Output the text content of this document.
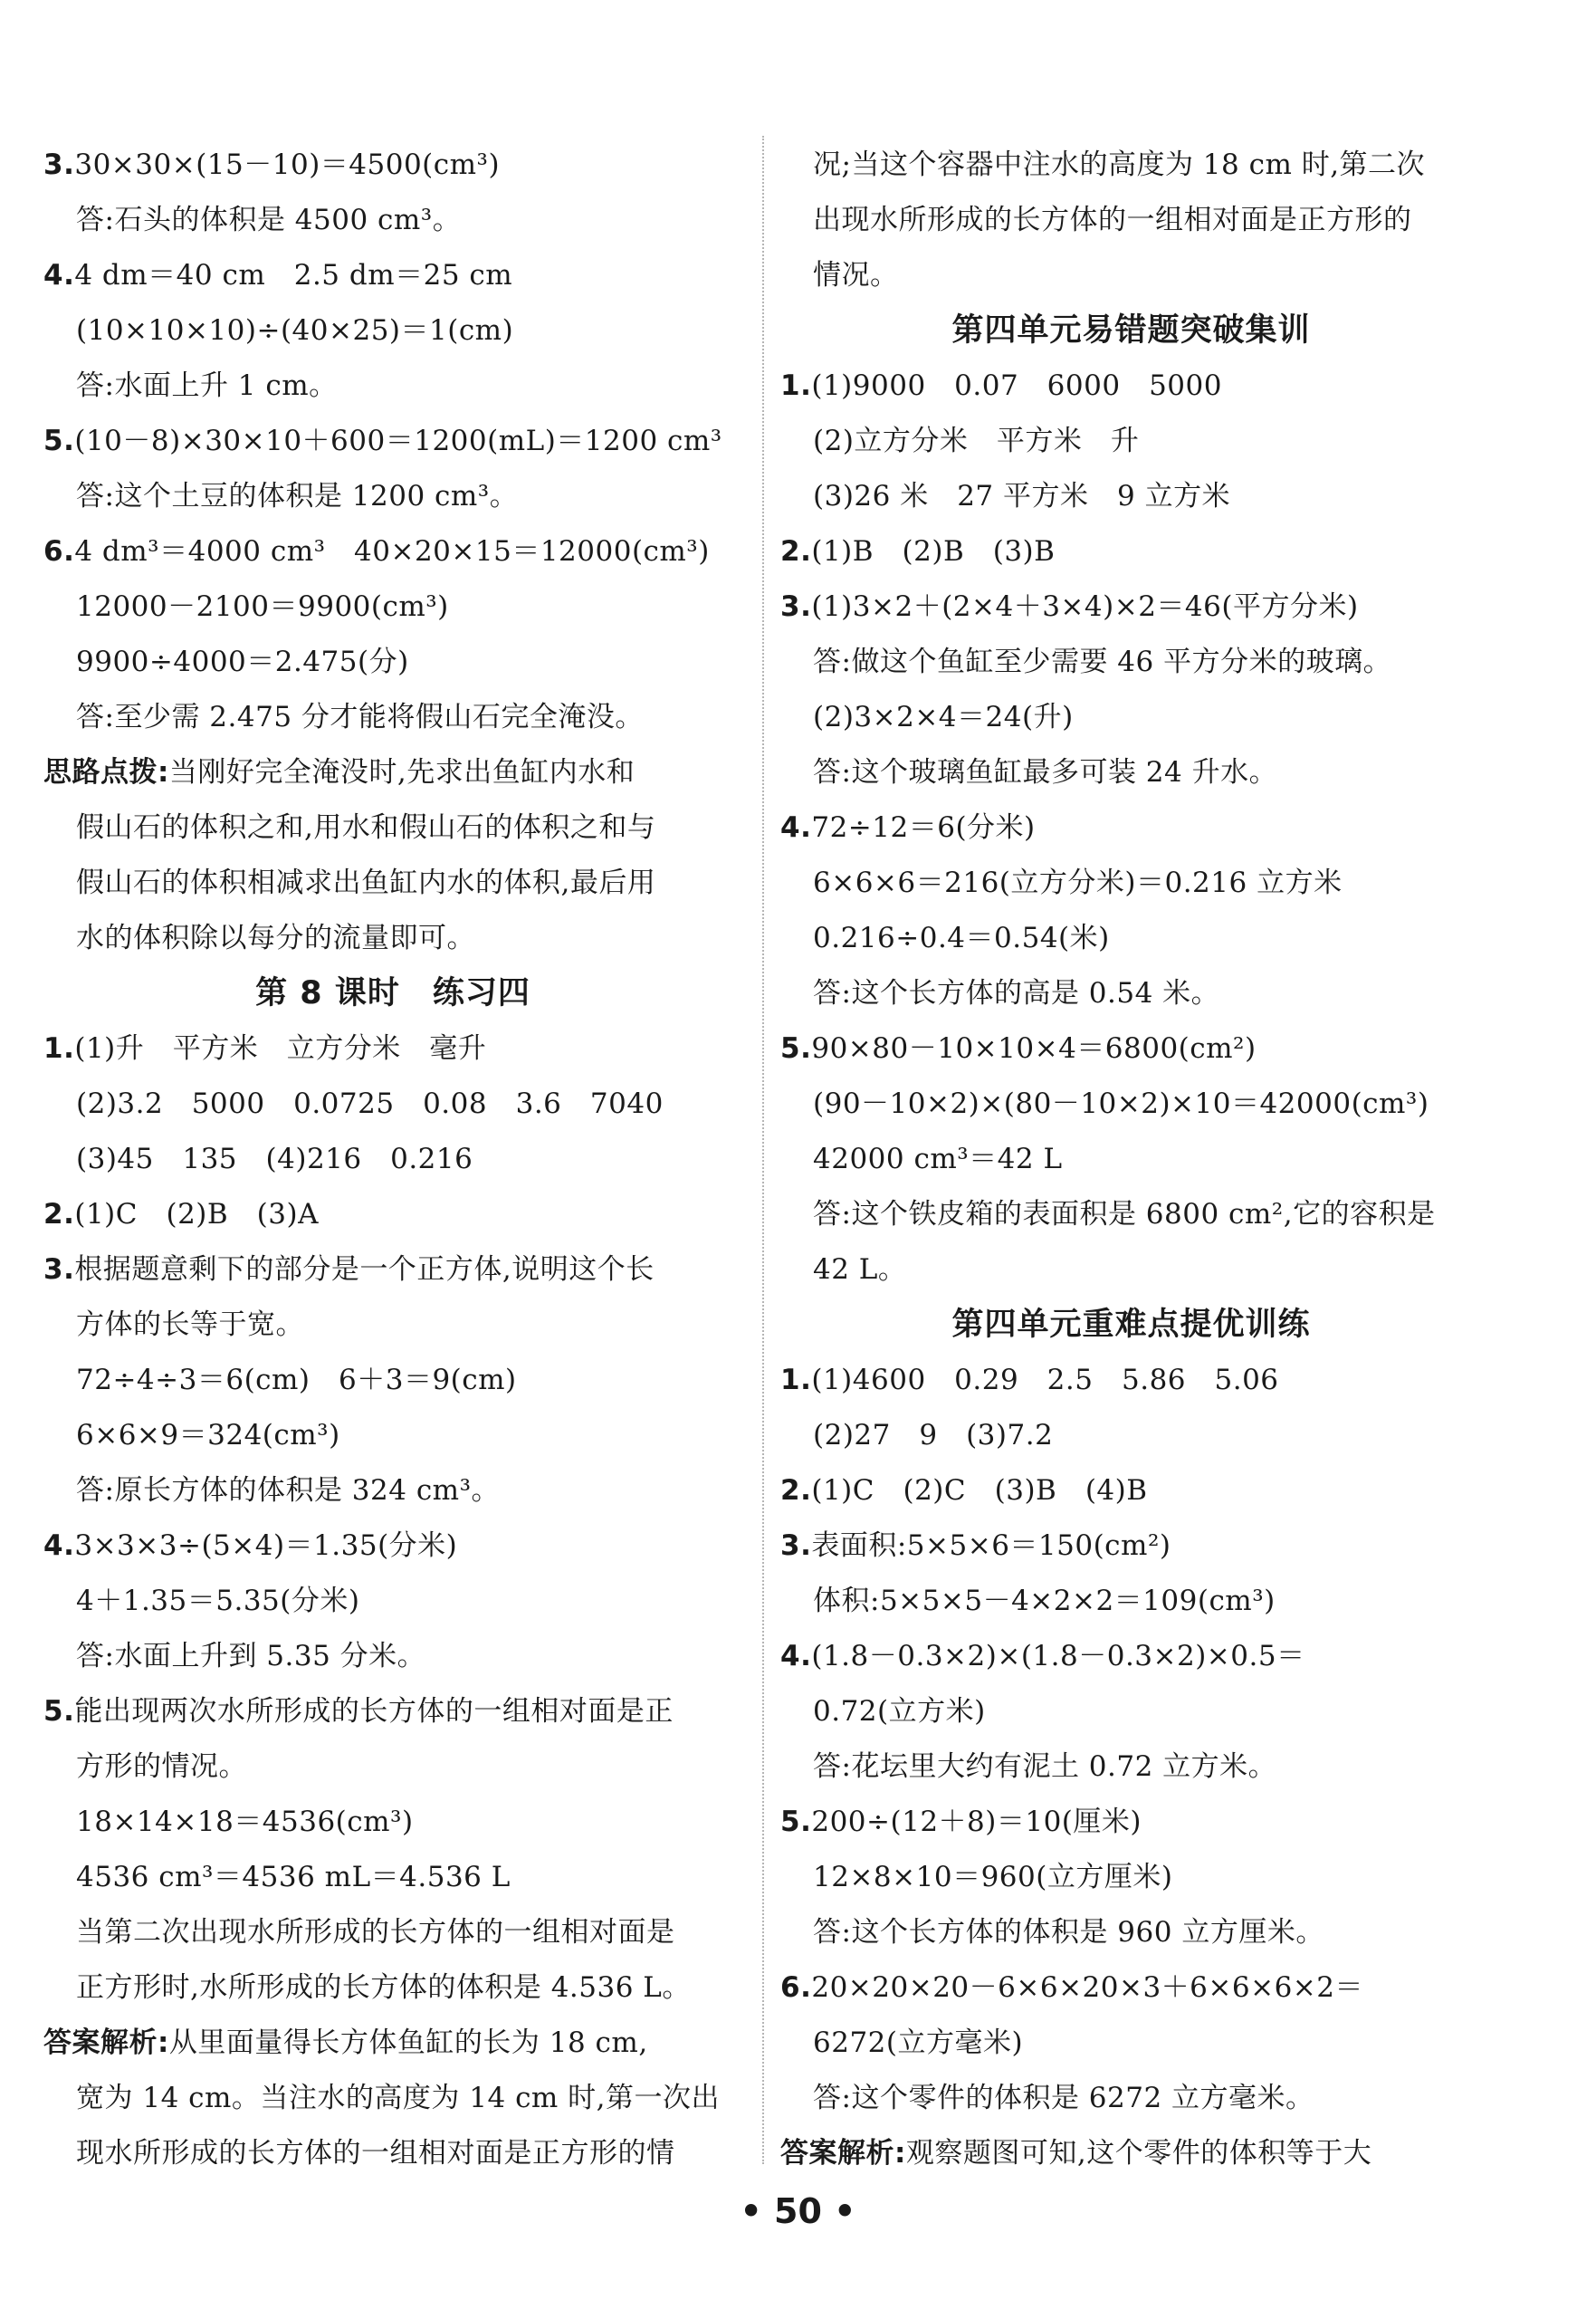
3.30×30×(15－10)＝4500(cm³)
答:石头的体积是 4500 cm³。
4.4 dm＝40 cm　2.5 dm＝25 cm
(10×10×10)÷(40×25)＝1(cm)
答:水面上升 1 cm。
5.(10－8)×30×10＋600＝1200(mL)＝1200 cm³
答:这个土豆的体积是 1200 cm³。
6.4 dm³＝4000 cm³　40×20×15＝12000(cm³)
12000－2100＝9900(cm³)
9900÷4000＝2.475(分)
答:至少需 2.475 分才能将假山石完全淹没。
思路点拨:当刚好完全淹没时,先求出鱼缸内水和
假山石的体积之和,用水和假山石的体积之和与
假山石的体积相减求出鱼缸内水的体积,最后用
水的体积除以每分的流量即可。
第 8 课时　练习四
1.(1)升　平方米　立方分米　毫升
(2)3.2　5000　0.0725　0.08　3.6　7040
(3)45　135　(4)216　0.216
2.(1)C　(2)B　(3)A
3.根据题意剩下的部分是一个正方体,说明这个长
方体的长等于宽。
72÷4÷3＝6(cm)　6＋3＝9(cm)
6×6×9＝324(cm³)
答:原长方体的体积是 324 cm³。
4.3×3×3÷(5×4)＝1.35(分米)
4＋1.35＝5.35(分米)
答:水面上升到 5.35 分米。
5.能出现两次水所形成的长方体的一组相对面是正
方形的情况。
18×14×18＝4536(cm³)
4536 cm³＝4536 mL＝4.536 L
当第二次出现水所形成的长方体的一组相对面是
正方形时,水所形成的长方体的体积是 4.536 L。
答案解析:从里面量得长方体鱼缸的长为 18 cm,
宽为 14 cm。当注水的高度为 14 cm 时,第一次出
现水所形成的长方体的一组相对面是正方形的情
况;当这个容器中注水的高度为 18 cm 时,第二次
出现水所形成的长方体的一组相对面是正方形的
情况。
第四单元易错题突破集训
1.(1)9000　0.07　6000　5000
(2)立方分米　平方米　升
(3)26 米　27 平方米　9 立方米
2.(1)B　(2)B　(3)B
3.(1)3×2＋(2×4＋3×4)×2＝46(平方分米)
答:做这个鱼缸至少需要 46 平方分米的玻璃。
(2)3×2×4＝24(升)
答:这个玻璃鱼缸最多可装 24 升水。
4.72÷12＝6(分米)
6×6×6＝216(立方分米)＝0.216 立方米
0.216÷0.4＝0.54(米)
答:这个长方体的高是 0.54 米。
5.90×80－10×10×4＝6800(cm²)
(90－10×2)×(80－10×2)×10＝42000(cm³)
42000 cm³＝42 L
答:这个铁皮箱的表面积是 6800 cm²,它的容积是
42 L。
第四单元重难点提优训练
1.(1)4600　0.29　2.5　5.86　5.06
(2)27　9　(3)7.2
2.(1)C　(2)C　(3)B　(4)B
3.表面积:5×5×6＝150(cm²)
体积:5×5×5－4×2×2＝109(cm³)
4.(1.8－0.3×2)×(1.8－0.3×2)×0.5＝
0.72(立方米)
答:花坛里大约有泥土 0.72 立方米。
5.200÷(12＋8)＝10(厘米)
12×8×10＝960(立方厘米)
答:这个长方体的体积是 960 立方厘米。
6.20×20×20－6×6×20×3＋6×6×6×2＝
6272(立方毫米)
答:这个零件的体积是 6272 立方毫米。
答案解析:观察题图可知,这个零件的体积等于大
• 50 •
